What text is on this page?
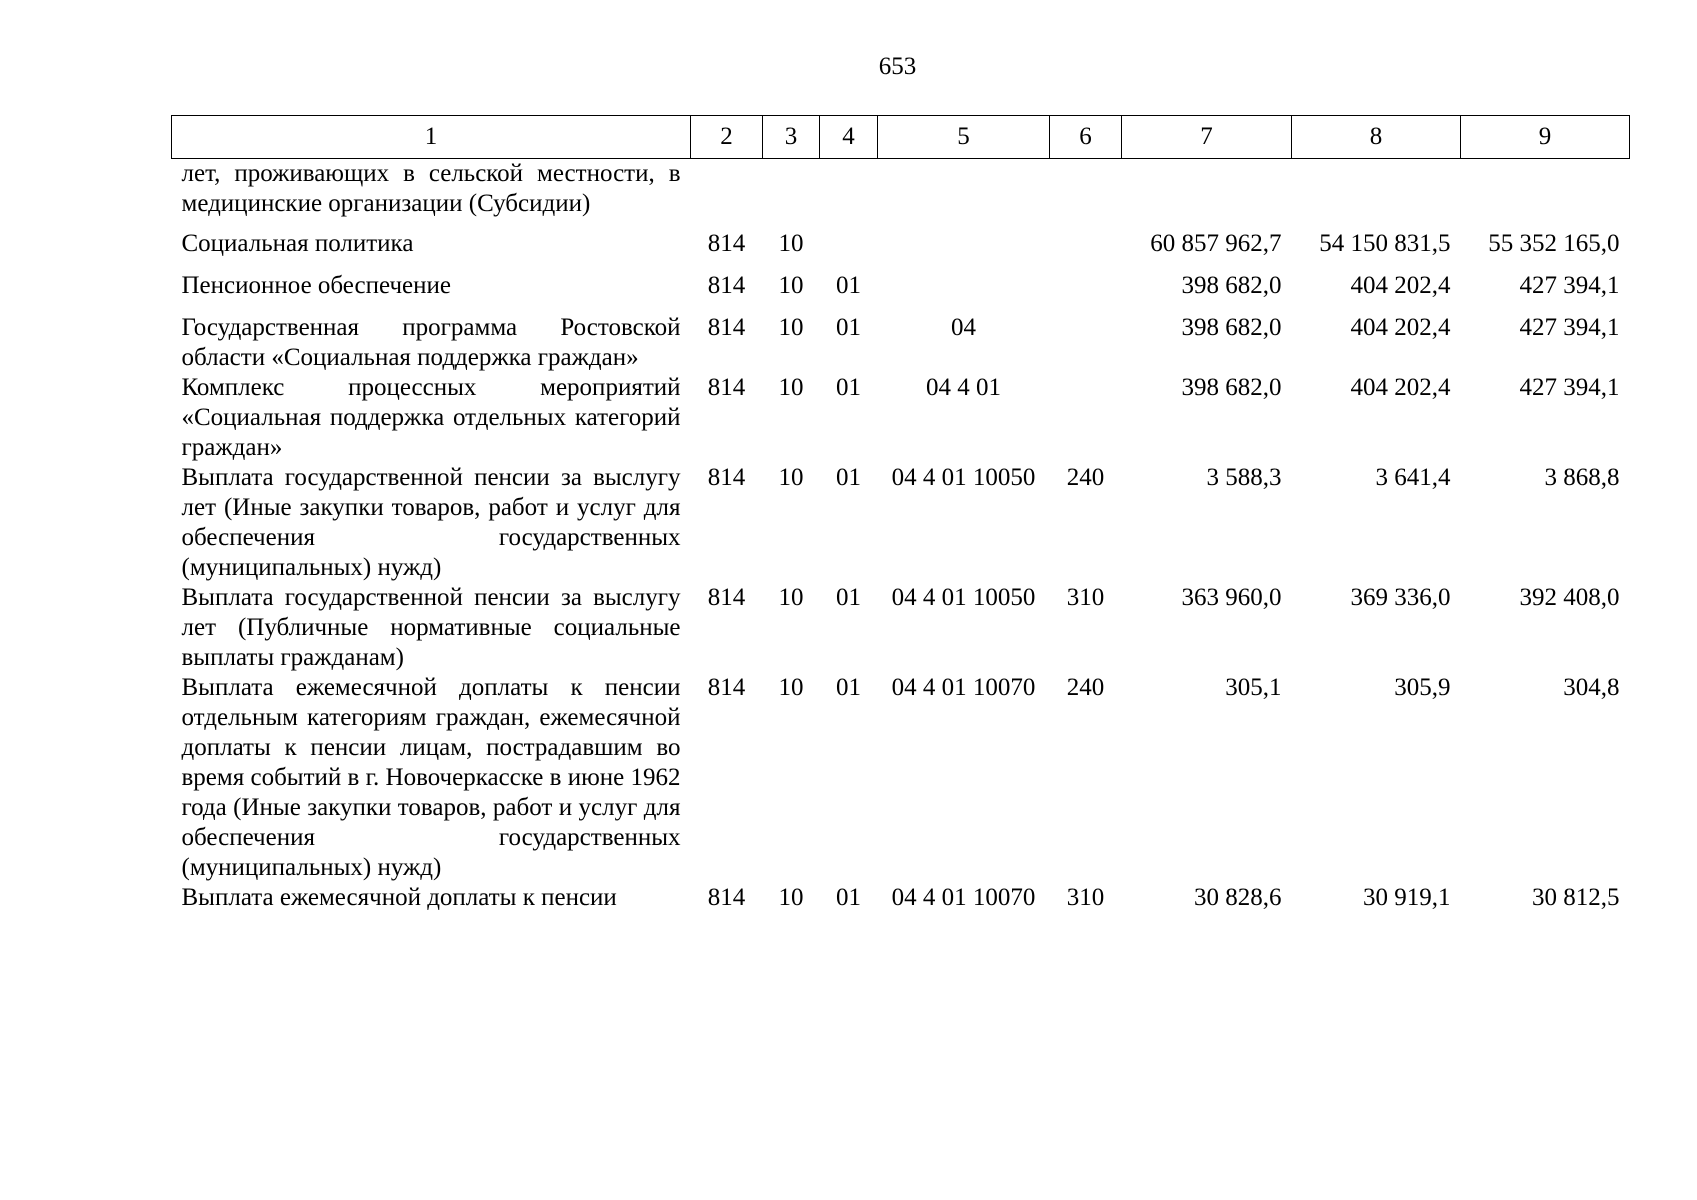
653
1	2	3	4	5	6	7	8	9
лет, проживающих в сельской местности, в медицинские организации (Субсидии)								
Социальная политика	814	10				60 857 962,7	54 150 831,5	55 352 165,0
Пенсионное обеспечение	814	10	01			398 682,0	404 202,4	427 394,1
Государственная программа Ростовской области «Социальная поддержка граждан»	814	10	01	04		398 682,0	404 202,4	427 394,1
Комплекс процессных мероприятий «Социальная поддержка отдельных категорий граждан»	814	10	01	04 4 01		398 682,0	404 202,4	427 394,1
Выплата государственной пенсии за выслугу лет (Иные закупки товаров, работ и услуг для обеспечения государственных (муниципальных) нужд)	814	10	01	04 4 01 10050	240	3 588,3	3 641,4	3 868,8
Выплата государственной пенсии за выслугу лет (Публичные нормативные социальные выплаты гражданам)	814	10	01	04 4 01 10050	310	363 960,0	369 336,0	392 408,0
Выплата ежемесячной доплаты к пенсии отдельным категориям граждан, ежемесячной доплаты к пенсии лицам, пострадавшим во время событий в г. Новочеркасске в июне 1962 года (Иные закупки товаров, работ и услуг для обеспечения государственных (муниципальных) нужд)	814	10	01	04 4 01 10070	240	305,1	305,9	304,8
Выплата ежемесячной доплаты к пенсии	814	10	01	04 4 01 10070	310	30 828,6	30 919,1	30 812,5
